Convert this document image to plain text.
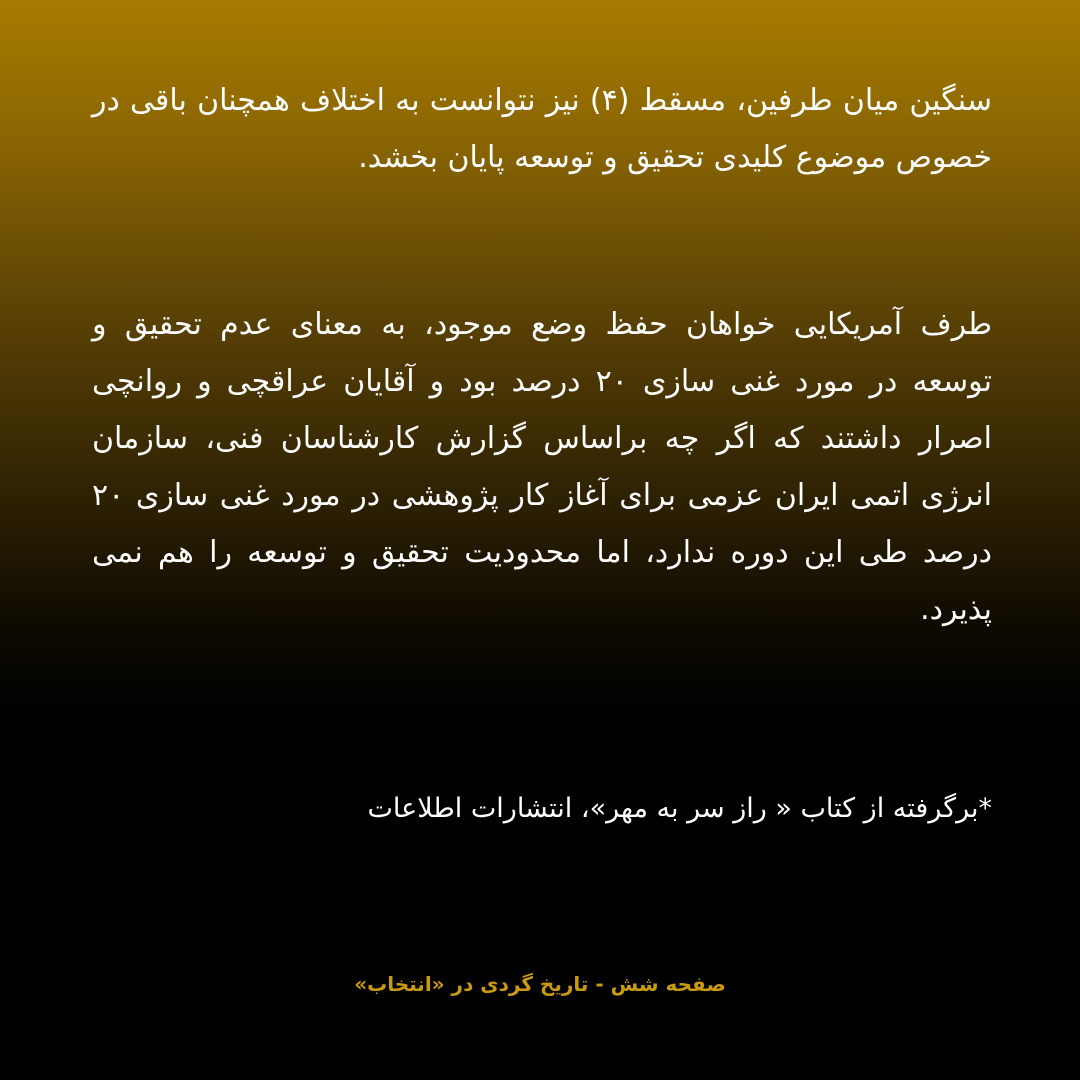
سنگین میان طرفین، مسقط (۴) نیز نتوانست به اختلاف همچنان باقی در خصوص موضوع کلیدی تحقیق و توسعه پایان بخشد.

طرف آمریکایی خواهان حفظ وضع موجود، به معنای عدم تحقیق و توسعه در مورد غنی سازی ۲۰ درصد بود و آقایان عراقچی و روانچی اصرار داشتند که اگر چه براساس گزارش کارشناسان فنی، سازمان انرژی اتمی ایران عزمی برای آغاز کار پژوهشی در مورد غنی سازی ۲۰ درصد طی این دوره ندارد، اما محدودیت تحقیق و توسعه را هم نمی پذیرد.

*برگرفته از کتاب « راز سر به مهر»، انتشارات اطلاعات

صفحه شش - تاریخ گردی در «انتخاب»
